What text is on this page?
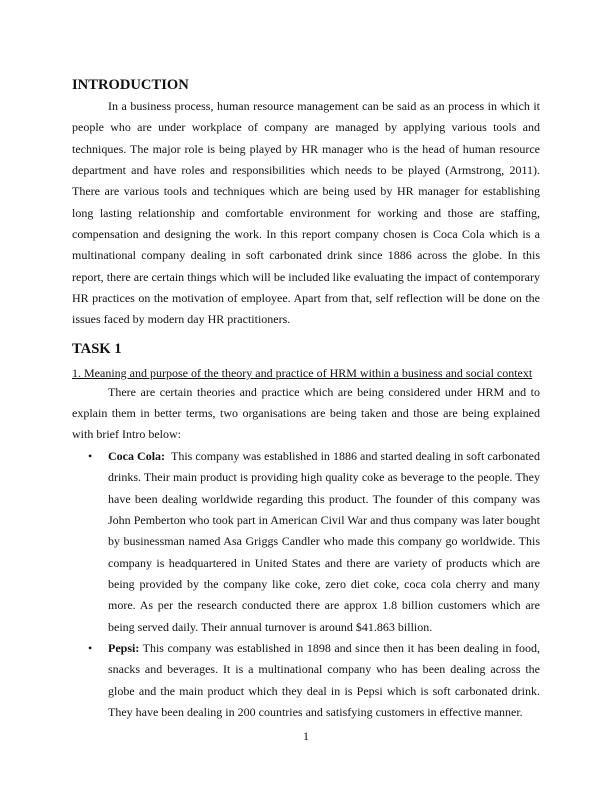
INTRODUCTION

In a business process, human resource management can be said as an process in which it people who are under workplace of company are managed by applying various tools and techniques. The major role is being played by HR manager who is the head of human resource department and have roles and responsibilities which needs to be played (Armstrong, 2011). There are various tools and techniques which are being used by HR manager for establishing long lasting relationship and comfortable environment for working and those are staffing, compensation and designing the work. In this report company chosen is Coca Cola which is a multinational company dealing in soft carbonated drink since 1886 across the globe. In this report, there are certain things which will be included like evaluating the impact of contemporary HR practices on the motivation of employee. Apart from that, self reflection will be done on the issues faced by modern day HR practitioners.

TASK 1
1. Meaning and purpose of the theory and practice of HRM within a business and social context

There are certain theories and practice which are being considered under HRM and to explain them in better terms, two organisations are being taken and those are being explained with brief Intro below:

• Coca Cola:  This company was established in 1886 and started dealing in soft carbonated drinks. Their main product is providing high quality coke as beverage to the people. They have been dealing worldwide regarding this product. The founder of this company was John Pemberton who took part in American Civil War and thus company was later bought by businessman named Asa Griggs Candler who made this company go worldwide. This company is headquartered in United States and there are variety of products which are being provided by the company like coke, zero diet coke, coca cola cherry and many more. As per the research conducted there are approx 1.8 billion customers which are being served daily. Their annual turnover is around $41.863 billion.
• Pepsi: This company was established in 1898 and since then it has been dealing in food, snacks and beverages. It is a multinational company who has been dealing across the globe and the main product which they deal in is Pepsi which is soft carbonated drink. They have been dealing in 200 countries and satisfying customers in effective manner.
1
